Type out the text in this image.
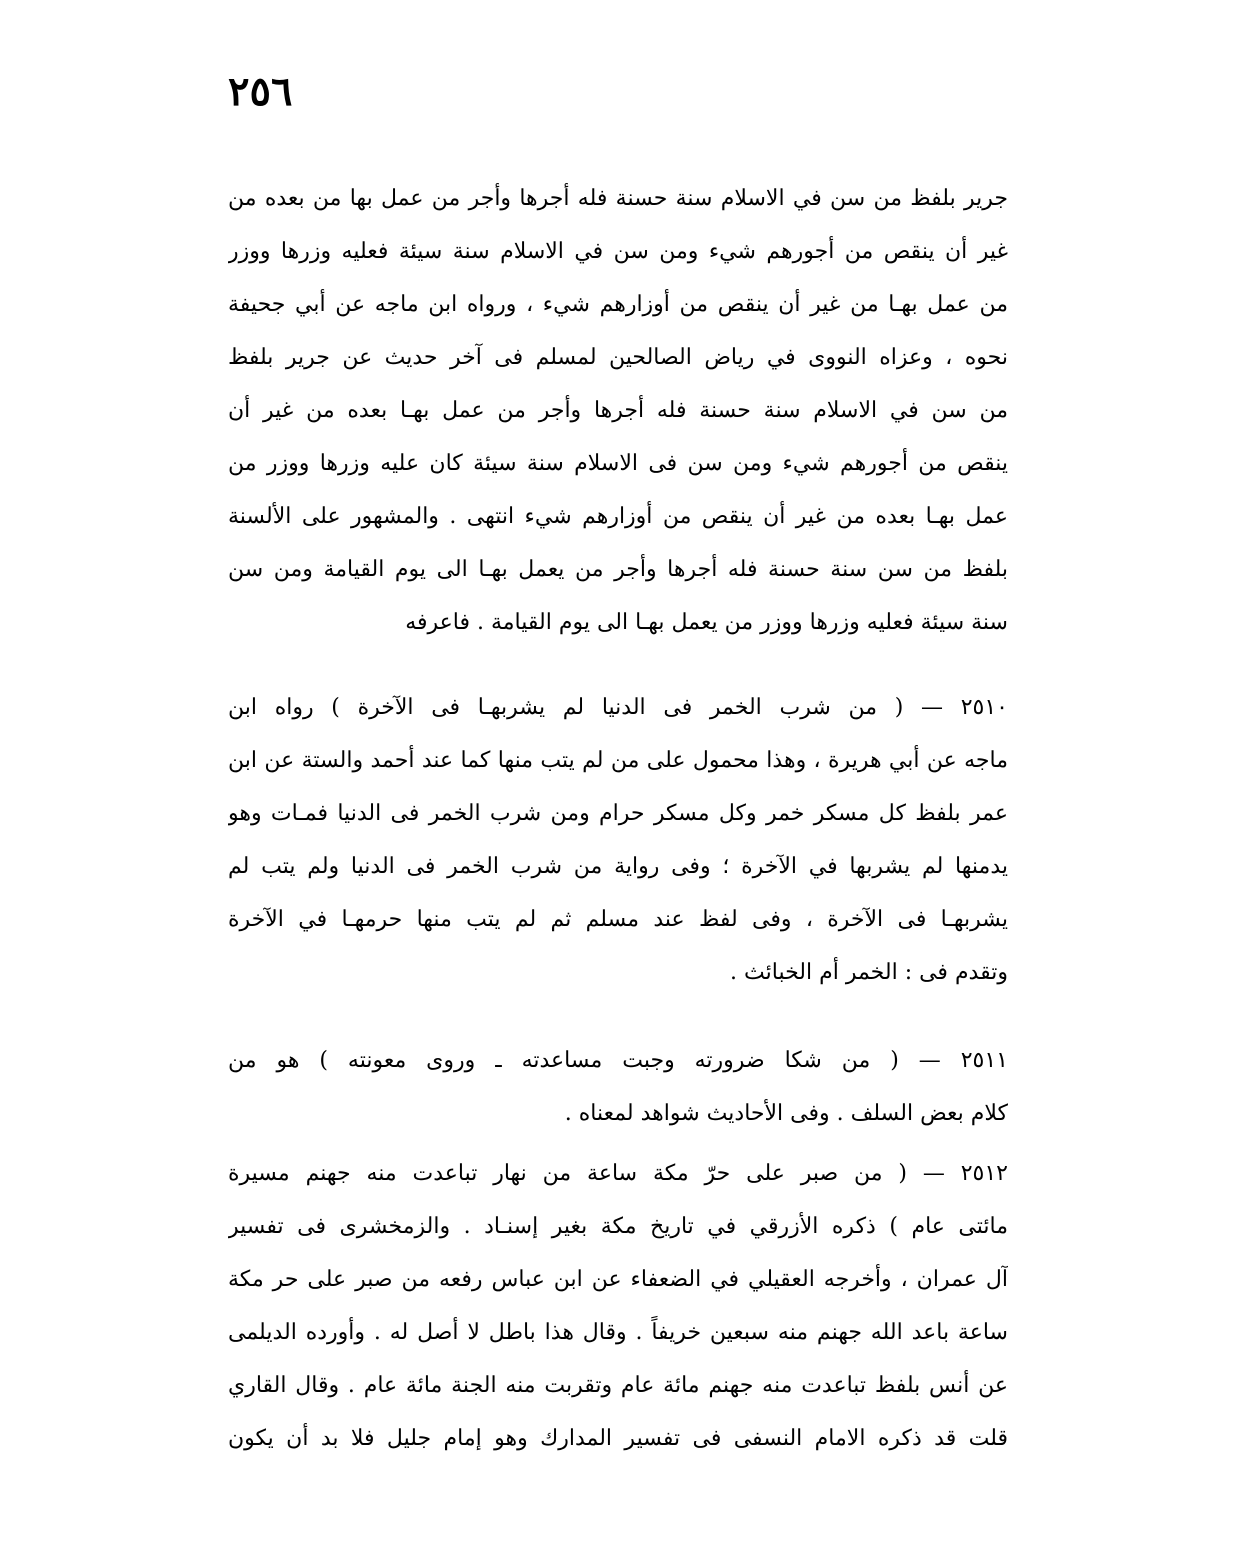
٢٥٦
جرير بلفظ من سن في الاسلام سنة حسنة فله أجرها وأجر من عمل بها من بعده من
غير أن ينقص من أجورهم شيء ومن سن في الاسلام سنة سيئة فعليه وزرها ووزر
من عمل بهـا من غير أن ينقص من أوزارهم شيء ، ورواه ابن ماجه عن أبي جحيفة
نحوه ، وعزاه النووى في رياض الصالحين لمسلم فى آخر حديث عن جرير بلفظ
من سن في الاسلام سنة حسنة فله أجرها وأجر من عمل بهـا بعده من غير أن
ينقص من أجورهم شيء ومن سن فى الاسلام سنة سيئة كان عليه وزرها ووزر من
عمل بهـا بعده من غير أن ينقص من أوزارهم شيء انتهى . والمشهور على الألسنة
بلفظ من سن سنة حسنة فله أجرها وأجر من يعمل بهـا الى يوم القيامة ومن سن
سنة سيئة فعليه وزرها ووزر من يعمل بهـا الى يوم القيامة . فاعرفه
٢٥١٠ — ( من شرب الخمر فى الدنيا لم يشربهـا فى الآخرة ) رواه ابن
ماجه عن أبي هريرة ، وهذا محمول على من لم يتب منها كما عند أحمد والستة عن ابن
عمر بلفظ كل مسكر خمر وكل مسكر حرام ومن شرب الخمر فى الدنيا فمـات وهو
يدمنها لم يشربها في الآخرة ؛ وفى رواية من شرب الخمر فى الدنيا ولم يتب لم
يشربهـا فى الآخرة ، وفى لفظ عند مسلم ثم لم يتب منها حرمهـا في الآخرة
وتقدم فى : الخمر أم الخبائث .
٢٥١١ — ( من شكا ضرورته وجبت مساعدته ـ وروى معونته ) هو من
كلام بعض السلف . وفى الأحاديث شواهد لمعناه .
٢٥١٢ — ( من صبر على حرّ مكة ساعة من نهار تباعدت منه جهنم مسيرة
مائتى عام ) ذكره الأزرقي في تاريخ مكة بغير إسنـاد . والزمخشرى فى تفسير
آل عمران ، وأخرجه العقيلي في الضعفاء عن ابن عباس رفعه من صبر على حر مكة
ساعة باعد الله جهنم منه سبعين خريفاً . وقال هذا باطل لا أصل له . وأورده الديلمى
عن أنس بلفظ تباعدت منه جهنم مائة عام وتقربت منه الجنة مائة عام . وقال القاري
قلت قد ذكره الامام النسفى فى تفسير المدارك وهو إمام جليل فلا بد أن يكون
